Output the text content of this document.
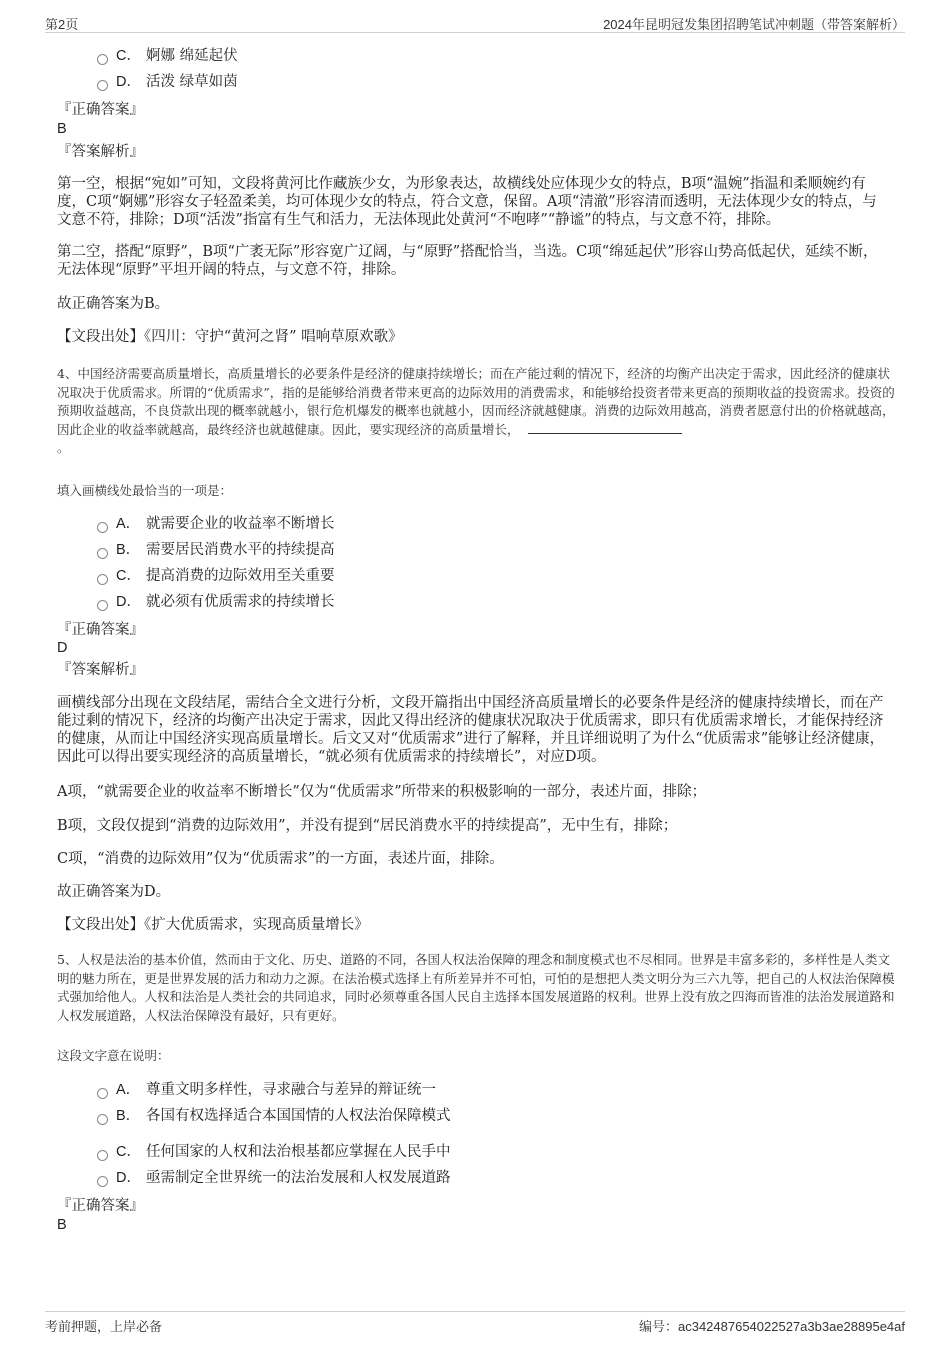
第2页	2024年昆明冠发集团招聘笔试冲刺题（带答案解析）
C． 婀娜 绵延起伏
D． 活泼 绿草如茵
『正确答案』
B
『答案解析』
第一空，根据“宛如”可知，文段将黄河比作藏族少女，为形象表达，故横线处应体现少女的特点，B项“温婉”指温和柔顺婉约有度，C项“婀娜”形容女子轻盈柔美，均可体现少女的特点，符合文意，保留。A项“清澈”形容清而透明，无法体现少女的特点，与文意不符，排除；D项“活泼”指富有生气和活力，无法体现此处黄河“不咆哮”“静谧”的特点，与文意不符，排除。
第二空，搭配“原野”，B项“广袤无际”形容宽广辽阔，与“原野”搭配恰当，当选。C项“绵延起伏”形容山势高低起伏，延续不断，无法体现“原野”平坦开阔的特点，与文意不符，排除。
故正确答案为B。
【文段出处】《四川：守护“黄河之肾” 唱响草原欢歌》
4、中国经济需要高质量增长，高质量增长的必要条件是经济的健康持续增长；而在产能过剩的情况下，经济的均衡产出决定于需求，因此经济的健康状况取决于优质需求。所谓的“优质需求”，指的是能够给消费者带来更高的边际效用的消费需求，和能够给投资者带来更高的预期收益的投资需求。投资的预期收益越高，不良贷款出现的概率就越小，银行危机爆发的概率也就越小，因而经济就越健康。消费的边际效用越高，消费者愿意付出的价格就越高，因此企业的收益率就越高，最终经济也就越健康。因此，要实现经济的高质量增长，
。
填入画横线处最恰当的一项是：
A． 就需要企业的收益率不断增长
B． 需要居民消费水平的持续提高
C． 提高消费的边际效用至关重要
D． 就必须有优质需求的持续增长
『正确答案』
D
『答案解析』
画横线部分出现在文段结尾，需结合全文进行分析，文段开篇指出中国经济高质量增长的必要条件是经济的健康持续增长，而在产能过剩的情况下，经济的均衡产出决定于需求，因此又得出经济的健康状况取决于优质需求，即只有优质需求增长，才能保持经济的健康，从而让中国经济实现高质量增长。后文又对“优质需求”进行了解释，并且详细说明了为什么“优质需求”能够让经济健康，因此可以得出要实现经济的高质量增长，“就必须有优质需求的持续增长”，对应D项。
A项，“就需要企业的收益率不断增长”仅为“优质需求”所带来的积极影响的一部分，表述片面，排除；
B项，文段仅提到“消费的边际效用”，并没有提到“居民消费水平的持续提高”，无中生有，排除；
C项，“消费的边际效用”仅为“优质需求”的一方面，表述片面，排除。
故正确答案为D。
【文段出处】《扩大优质需求，实现高质量增长》
5、人权是法治的基本价值，然而由于文化、历史、道路的不同，各国人权法治保障的理念和制度模式也不尽相同。世界是丰富多彩的，多样性是人类文明的魅力所在，更是世界发展的活力和动力之源。在法治模式选择上有所差异并不可怕，可怕的是想把人类文明分为三六九等，把自己的人权法治保障模式强加给他人。人权和法治是人类社会的共同追求，同时必须尊重各国人民自主选择本国发展道路的权利。世界上没有放之四海而皆准的法治发展道路和人权发展道路，人权法治保障没有最好，只有更好。
这段文字意在说明：
A． 尊重文明多样性，寻求融合与差异的辩证统一
B． 各国有权选择适合本国国情的人权法治保障模式
C． 任何国家的人权和法治根基都应掌握在人民手中
D． 亟需制定全世界统一的法治发展和人权发展道路
『正确答案』
B
考前押题，上岸必备	编号：ac342487654022527a3b3ae28895e4af
